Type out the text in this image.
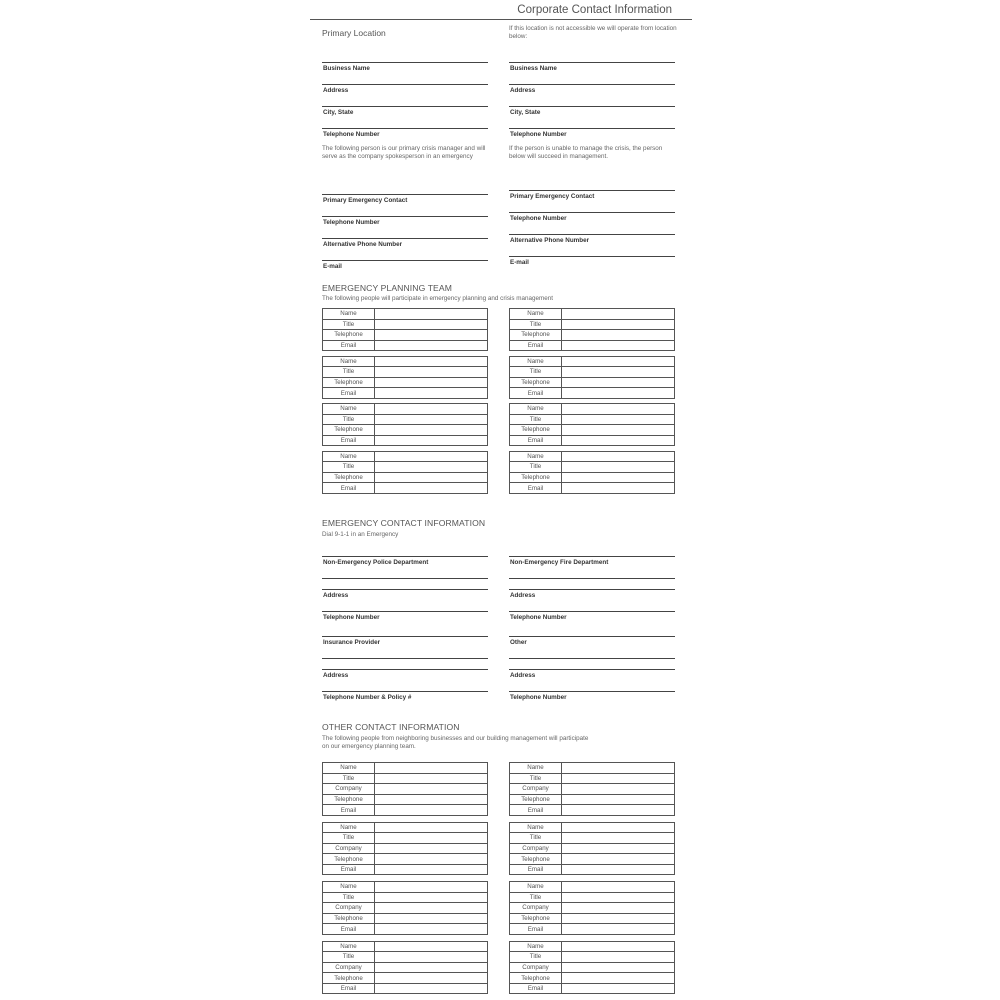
Corporate Contact Information
Primary Location	If this location is not accessible we will operate from location below:
Business Name
Address
City, State
Telephone Number
Business Name
Address
City, State
Telephone Number
The following person is our primary crisis manager and will serve as the company spokesperson in an emergency
If the person is unable to manage the crisis, the person below will succeed in management.
Primary Emergency Contact
Telephone Number
Alternative Phone Number
E-mail
Primary Emergency Contact
Telephone Number
Alternative Phone Number
E-mail
EMERGENCY PLANNING TEAM
The following people will participate in emergency planning and crisis management
Name	
Title	
Telephone	
Email	
Name	
Title	
Telephone	
Email	
Name	
Title	
Telephone	
Email	
Name	
Title	
Telephone	
Email	
Name	
Title	
Telephone	
Email	
Name	
Title	
Telephone	
Email	
Name	
Title	
Telephone	
Email	
Name	
Title	
Telephone	
Email	
EMERGENCY CONTACT INFORMATION
Dial 9-1-1 in an Emergency
Non-Emergency Police Department
Address
Telephone Number
Insurance Provider
Address
Telephone Number & Policy #
Non-Emergency Fire Department
Address
Telephone Number
Other
Address
Telephone Number
OTHER CONTACT INFORMATION
The following people from neighboring businesses and our building management will participate
on our emergency planning team.
Name	
Title	
Company	
Telephone	
Email	
Name	
Title	
Company	
Telephone	
Email	
Name	
Title	
Company	
Telephone	
Email	
Name	
Title	
Company	
Telephone	
Email	
Name	
Title	
Company	
Telephone	
Email	
Name	
Title	
Company	
Telephone	
Email	
Name	
Title	
Company	
Telephone	
Email	
Name	
Title	
Company	
Telephone	
Email	
